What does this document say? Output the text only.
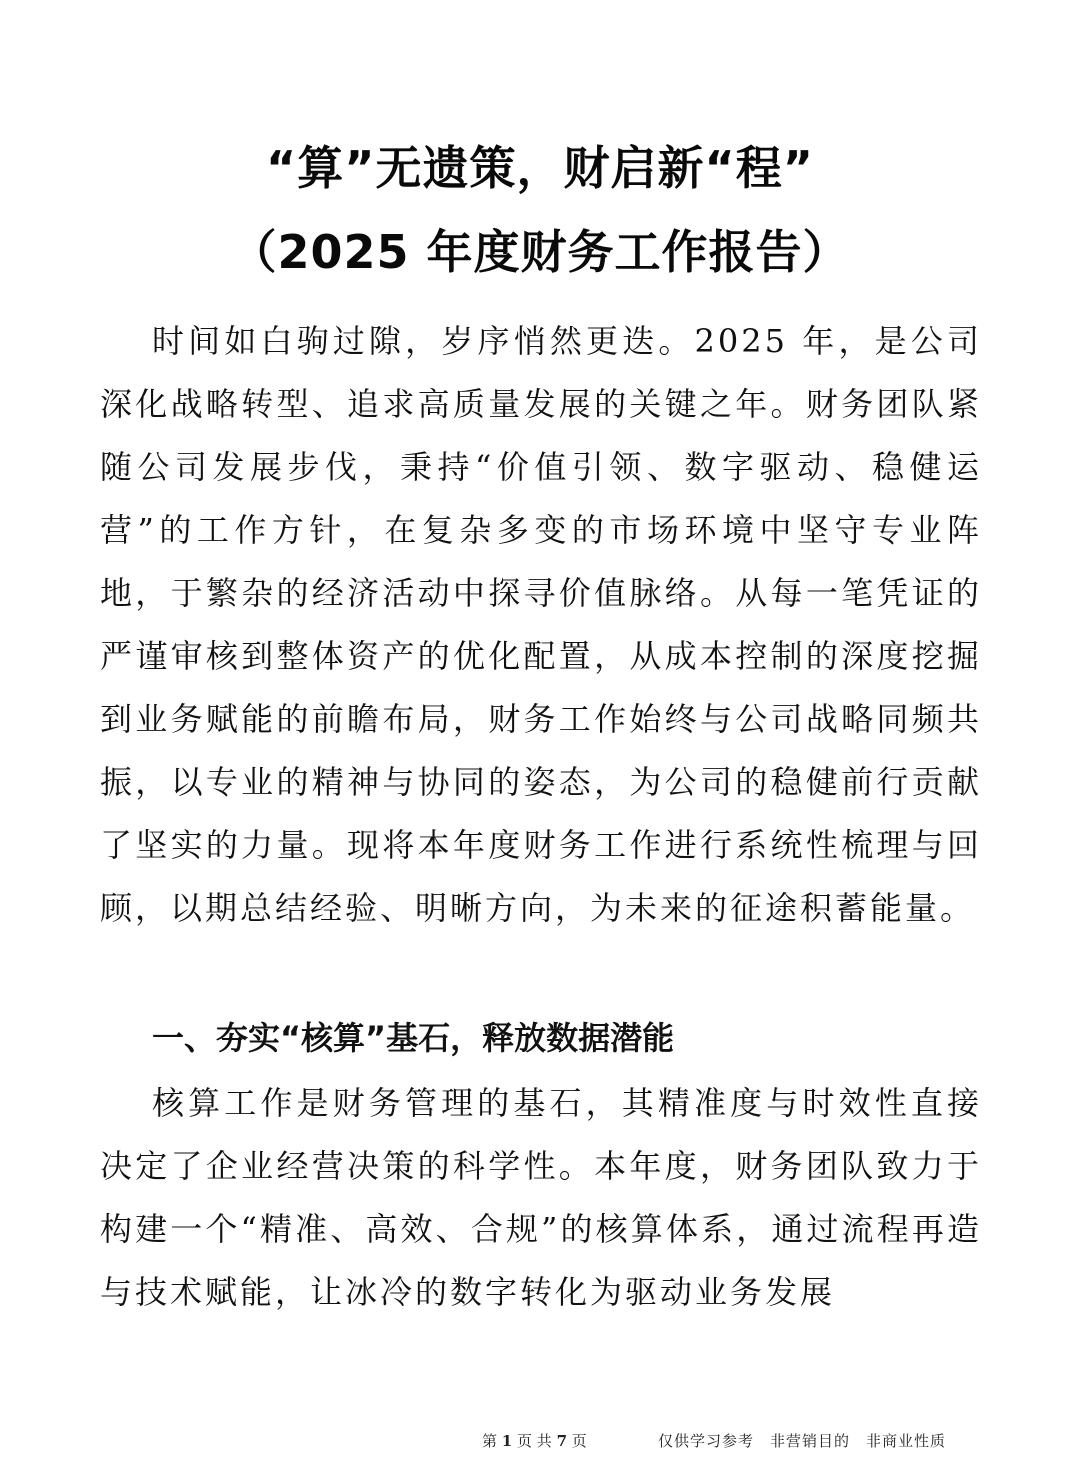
“算”无遗策，财启新“程”
（2025 年度财务工作报告）

时间如白驹过隙，岁序悄然更迭。2025 年，是公司深化战略转型、追求高质量发展的关键之年。财务团队紧随公司发展步伐，秉持“价值引领、数字驱动、稳健运营”的工作方针，在复杂多变的市场环境中坚守专业阵地，于繁杂的经济活动中探寻价值脉络。从每一笔凭证的严谨审核到整体资产的优化配置，从成本控制的深度挖掘到业务赋能的前瞻布局，财务工作始终与公司战略同频共振，以专业的精神与协同的姿态，为公司的稳健前行贡献了坚实的力量。现将本年度财务工作进行系统性梳理与回顾，以期总结经验、明晰方向，为未来的征途积蓄能量。

一、夯实“核算”基石，释放数据潜能

核算工作是财务管理的基石，其精准度与时效性直接决定了企业经营决策的科学性。本年度，财务团队致力于构建一个“精准、高效、合规”的核算体系，通过流程再造与技术赋能，让冰冷的数字转化为驱动业务发展

第 1 页 共 7 页	仅供学习参考　非营销目的　非商业性质
